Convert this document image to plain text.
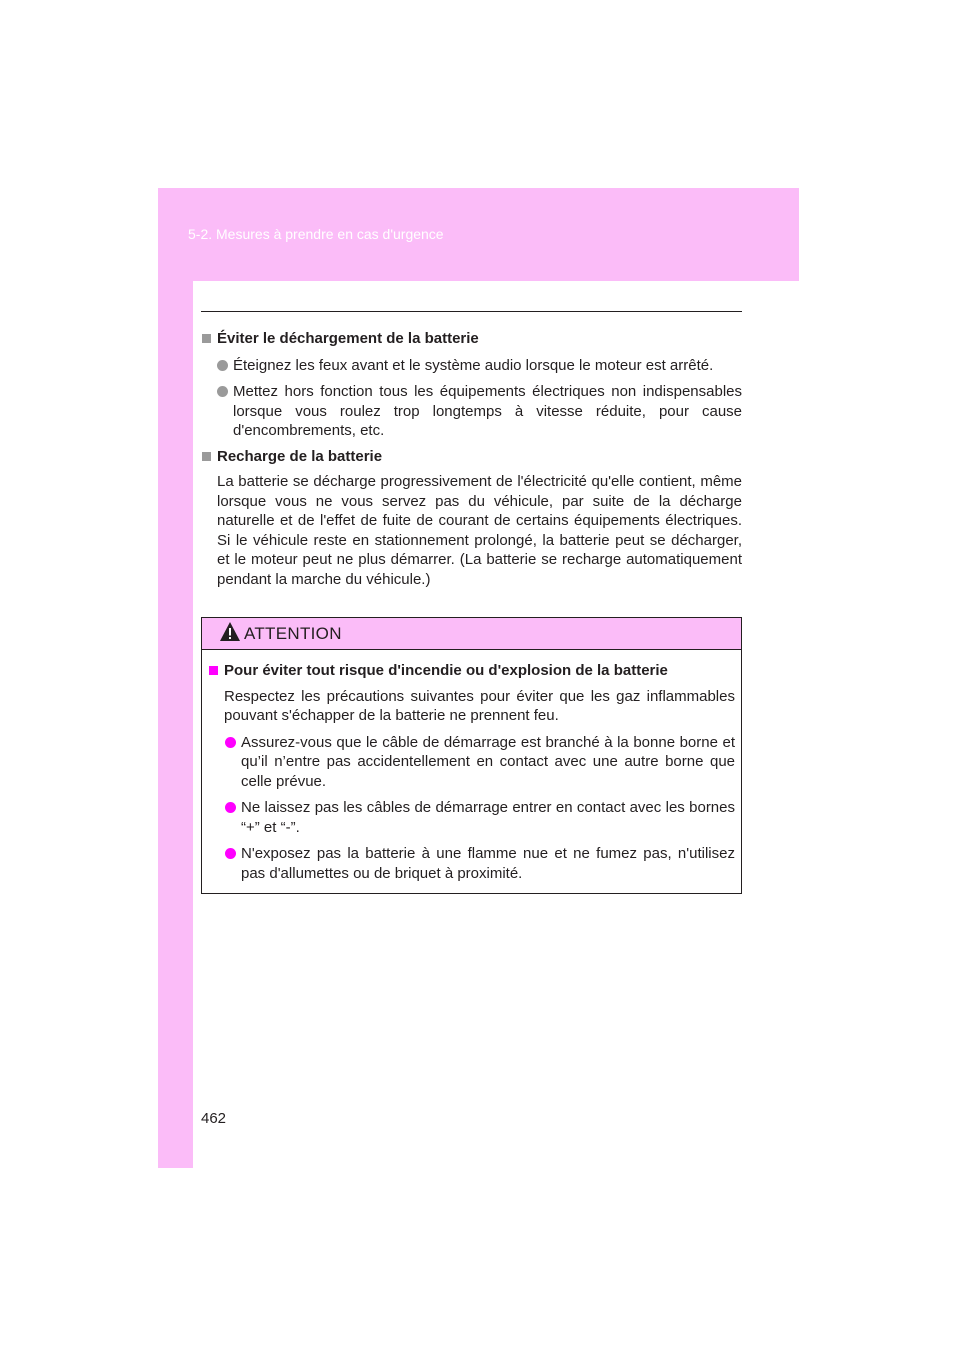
5-2. Mesures à prendre en cas d'urgence
Éviter le déchargement de la batterie
Éteignez les feux avant et le système audio lorsque le moteur est arrêté.
Mettez hors fonction tous les équipements électriques non indispensables lorsque vous roulez trop longtemps à vitesse réduite, pour cause d'encombrements, etc.
Recharge de la batterie
La batterie se décharge progressivement de l'électricité qu'elle contient, même lorsque vous ne vous servez pas du véhicule, par suite de la décharge naturelle et de l'effet de fuite de courant de certains équipements électriques. Si le véhicule reste en stationnement prolongé, la batterie peut se décharger, et le moteur peut ne plus démarrer. (La batterie se recharge automatiquement pendant la marche du véhicule.)
ATTENTION
Pour éviter tout risque d'incendie ou d'explosion de la batterie
Respectez les précautions suivantes pour éviter que les gaz inflammables pouvant s'échapper de la batterie ne prennent feu.
Assurez-vous que le câble de démarrage est branché à la bonne borne et qu’il n’entre pas accidentellement en contact avec une autre borne que celle prévue.
Ne laissez pas les câbles de démarrage entrer en contact avec les bornes “+” et “-”.
N'exposez pas la batterie à une flamme nue et ne fumez pas, n'utilisez pas d'allumettes ou de briquet à proximité.
462
